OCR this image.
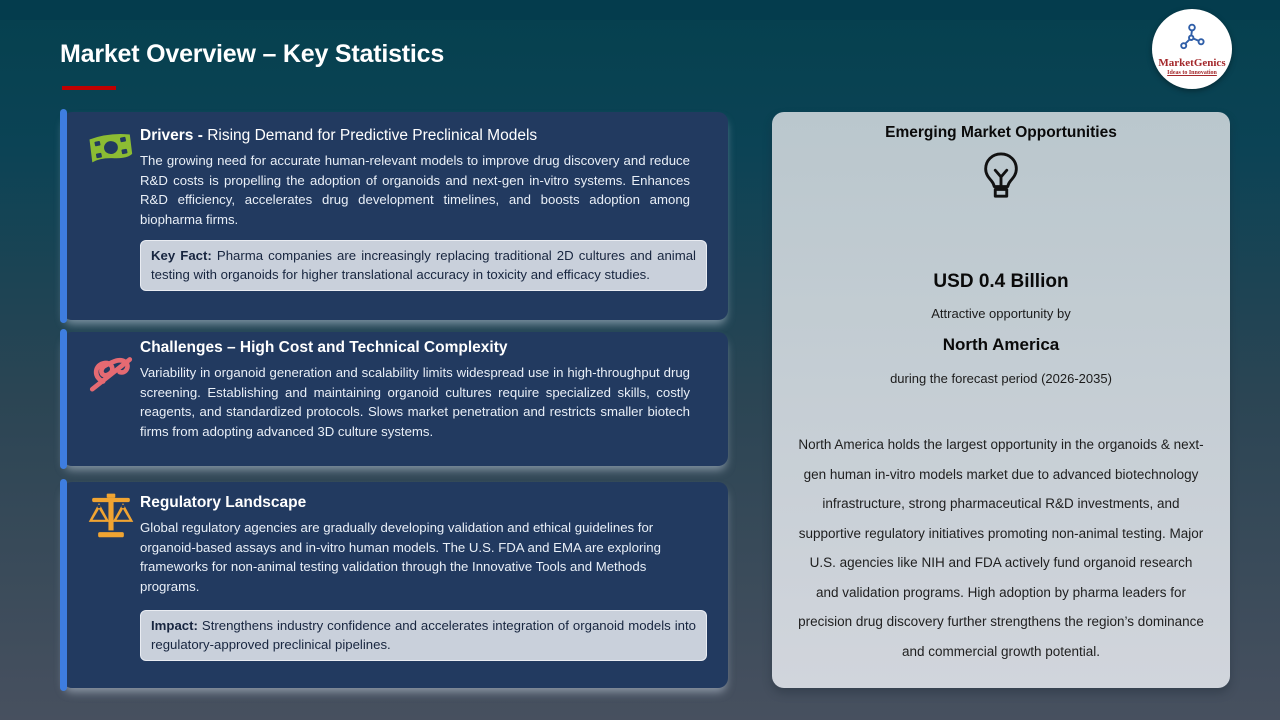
Market Overview – Key Statistics	MarketGenics
Ideas to Innovation
Drivers - Rising Demand for Predictive Preclinical Models
The growing need for accurate human-relevant models to improve drug discovery and reduce R&D costs is propelling the adoption of organoids and next-gen in-vitro systems. Enhances R&D efficiency, accelerates drug development timelines, and boosts adoption among biopharma firms.
Key Fact: Pharma companies are increasingly replacing traditional 2D cultures and animal testing with organoids for higher translational accuracy in toxicity and efficacy studies.
Challenges – High Cost and Technical Complexity
Variability in organoid generation and scalability limits widespread use in high-throughput drug screening. Establishing and maintaining organoid cultures require specialized skills, costly reagents, and standardized protocols. Slows market penetration and restricts smaller biotech firms from adopting advanced 3D culture systems.
Regulatory Landscape
Global regulatory agencies are gradually developing validation and ethical guidelines for organoid-based assays and in-vitro human models. The U.S. FDA and EMA are exploring frameworks for non-animal testing validation through the Innovative Tools and Methods programs.
Impact: Strengthens industry confidence and accelerates integration of organoid models into regulatory-approved preclinical pipelines.
Emerging Market Opportunities
USD 0.4 Billion
Attractive opportunity by
North America
during the forecast period (2026-2035)
North America holds the largest opportunity in the organoids & next-gen human in-vitro models market due to advanced biotechnology infrastructure, strong pharmaceutical R&D investments, and supportive regulatory initiatives promoting non-animal testing. Major U.S. agencies like NIH and FDA actively fund organoid research and validation programs. High adoption by pharma leaders for precision drug discovery further strengthens the region’s dominance and commercial growth potential.
